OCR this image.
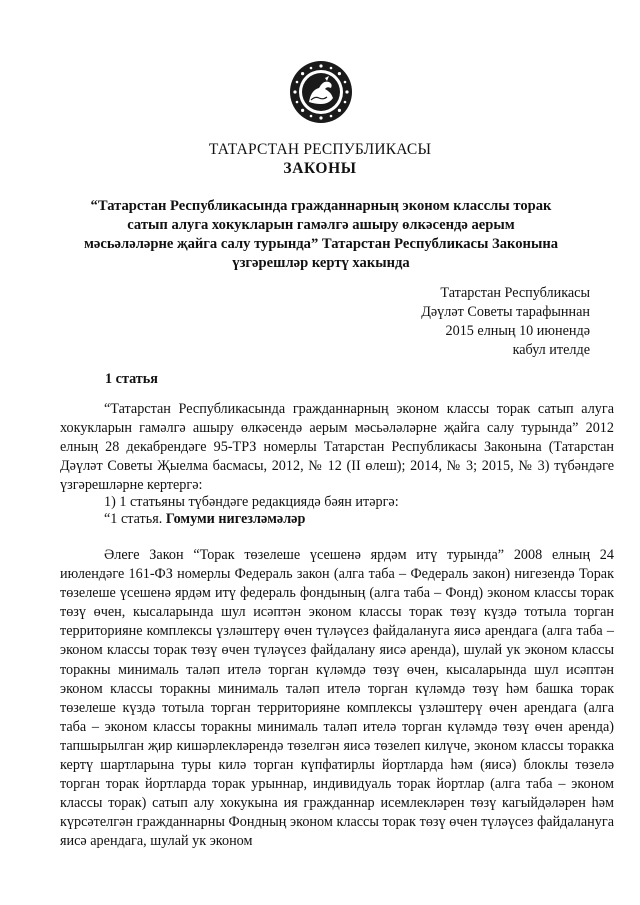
ТАТАРСТАН РЕСПУБЛИКАСЫ

ЗАКОНЫ

“Татарстан Республикасында гражданнарның эконом класслы торак сатып алуга хокукларын гамәлгә ашыру өлкәсендә аерым мәсьәләләрне җайга салу турында” Татарстан Республикасы Законына үзгәрешләр кертү хакында

Татарстан Республикасы
Дәүләт Советы тарафыннан
2015 елның 10 июнендә
кабул ителде
1 статья

“Татарстан Республикасында гражданнарның эконом классы торак сатып алуга хокукларын гамәлгә ашыру өлкәсендә аерым мәсьәләләрне җайга салу турында” 2012 елның 28 декабрендәге 95-ТРЗ номерлы Татарстан Республикасы Законына (Татарстан Дәүләт Советы Җыелма басмасы, 2012, № 12 (II өлеш); 2014, № 3; 2015, № 3) түбәндәге үзгәрешләрне кертергә:

1) 1 статьяны түбәндәге редакциядә бәян итәргә:
“1 статья. Гомуми нигезләмәләр

Әлеге Закон “Торак төзелеше үсешенә ярдәм итү турында” 2008 елның 24 июлендәге 161-ФЗ номерлы Федераль закон (алга таба – Федераль закон) нигезендә Торак төзелеше үсешенә ярдәм итү федераль фондының (алга таба – Фонд) эконом классы торак төзү өчен, кысаларында шул исәптән эконом классы торак төзү күздә тотыла торган территорияне комплексы үзләштерү өчен түләүсез файдалануга яисә арендага (алга таба – эконом классы торак төзү өчен түләүсез файдалану яисә аренда), шулай ук эконом классы торакны минималь таләп ителә торган күләмдә төзү өчен, кысаларында шул исәптән эконом классы торакны минималь таләп ителә торган күләмдә төзү һәм башка торак төзелеше күздә тотыла торган территорияне комплексы үзләштерү өчен арендага (алга таба – эконом классы торакны минималь таләп ителә торган күләмдә төзү өчен аренда) тапшырылган җир кишәрлекләрендә төзелгән яисә төзелеп килүче, эконом классы торакка кертү шартларына туры килә торган күпфатирлы йортларда һәм (яисә) блоклы төзелә торган торак йортларда торак урыннар, индивидуаль торак йортлар (алга таба – эконом классы торак) сатып алу хокукына ия гражданнар исемлекләрен төзү кагыйдәләрен һәм күрсәтелгән гражданнарны Фондның эконом классы торак төзү өчен түләүсез файдалануга яисә арендага, шулай ук эконом
